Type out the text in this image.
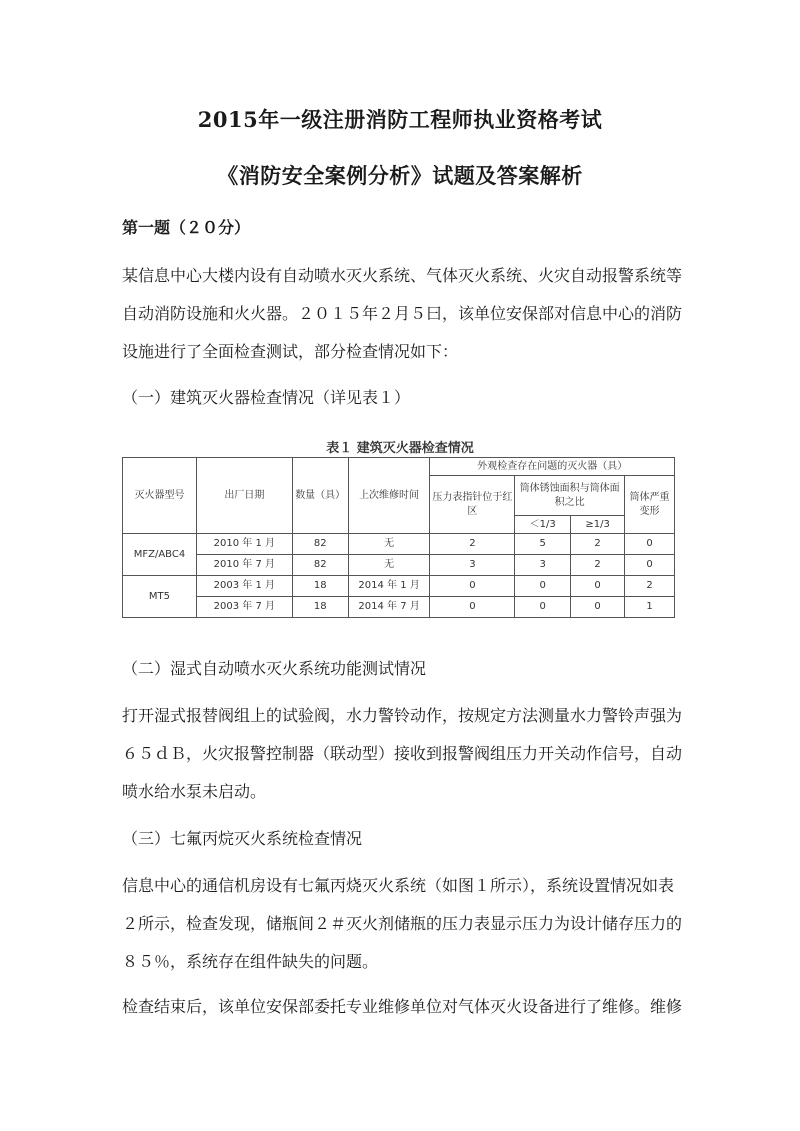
2015年一级注册消防工程师执业资格考试
《消防安全案例分析》试题及答案解析
第一题（２０分）
某信息中心大楼内设有自动喷水灭火系统、气体灭火系统、火灾自动报警系统等
自动消防设施和火火器。２０１５年２月５曰，该单位安保部对信息中心的消防
设施进行了全面检查测试，部分检查情况如下：
（一）建筑灭火器检查情况（详见表１）
表１ 建筑灭火器检查情况
灭火器型号	出厂日期	数量（具）	上次维修时间	外观检查存在问题的灭火器（具）			
				压力表指针位于红区	筒体锈蚀面积与筒体面积之比		筒体严重变形
					＜1/3	≥1/3	
MFZ/ABC4	2010 年 1 月	82	无	2	5	2	0
	2010 年 7 月	82	无	3	3	2	0
MT5	2003 年 1 月	18	2014 年 1 月	0	0	0	2
	2003 年 7 月	18	2014 年 7 月	0	0	0	1
（二）湿式自动喷水灭火系统功能测试情况
打开湿式报替阀组上的试验阀，水力警铃动作，按规定方法测量水力警铃声强为
６５ｄＢ，火灾报警控制器（联动型）接收到报警阀组压力开关动作信号，自动
喷水给水泵未启动。
（三）七氟丙烷灭火系统检查情况
信息中心的通信机房设有七氟丙烧灭火系统（如图１所示），系统设置情况如表
２所示，检查发现，储瓶间２＃灭火剂储瓶的压力表显示压力为设计储存压力的
８５％，系统存在组件缺失的问题。
检查结束后，该单位安保部委托专业维修单位对气体灭火设备进行了维修。维修
